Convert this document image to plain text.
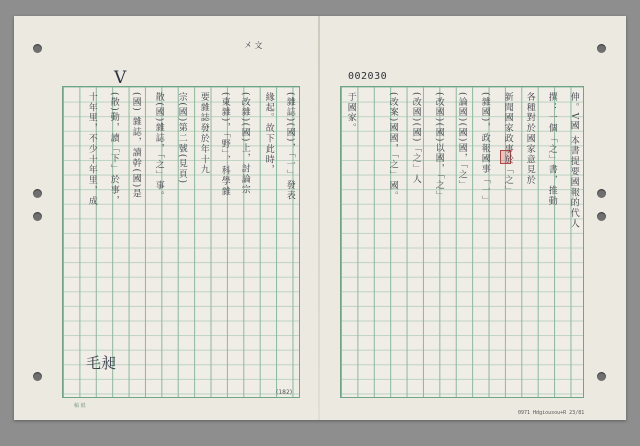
㐅 文
V	002030
(雜誌)(國)，「一」發表
緣起。故下此時，
(改雜)(國)上，討論宗
(東雜)，「野」，科學雜
要雜誌發於年十九
宗(國)第二號(見頁)
散(國)雜誌，「之」事。
(國) 雜誌，讀幹(國)是
(散)動，讀「下」於事，
十年里，不少十年里，成
毛昶
(182)
稿 紙
伸。V國 本書提要國報的代人
撰：一個「之」書，推動
各種對於國家意見於
新聞國家政事於「之」
(雜國)，政報國事「一」
(論國)(國)國，「之」
(改國)(國)以國，「之」
(改國)(國)「之」人
(改案)國國，「之」國。
于國家。
0971 Hdgiousou+R 23/81
